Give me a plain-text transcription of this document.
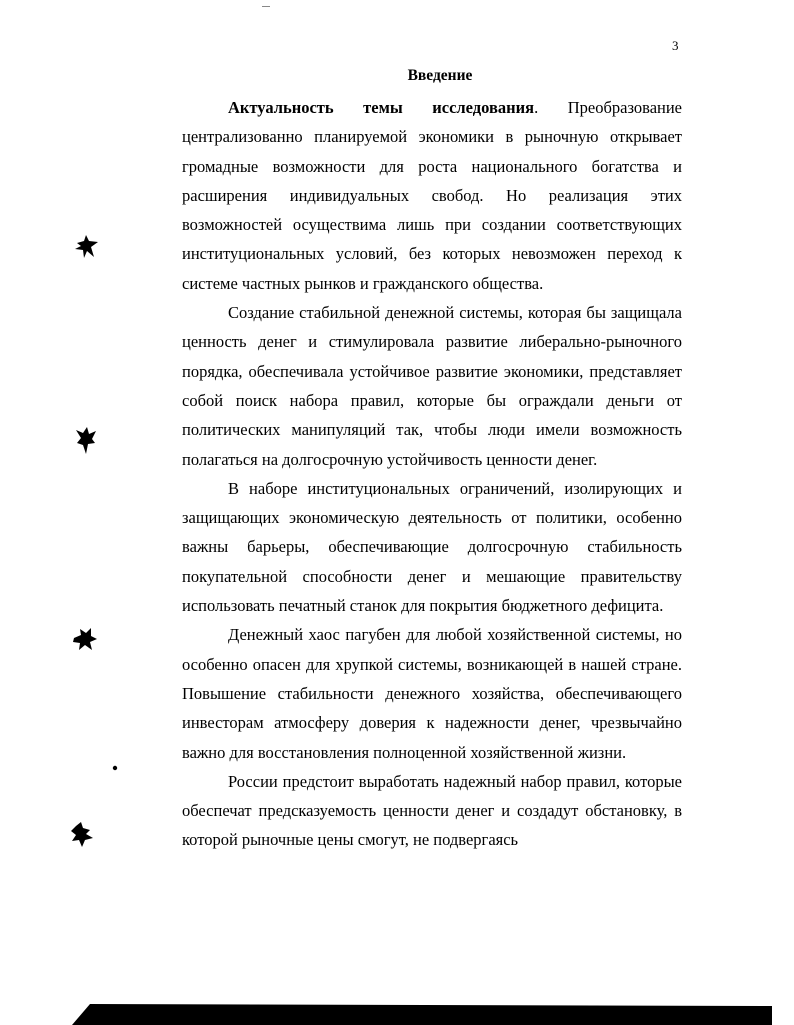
3
Введение

Актуальность темы исследования. Преобразование централизованно планируемой экономики в рыночную открывает громадные возможности для роста национального богатства и расширения индивидуальных свобод. Но реализация этих возможностей осуществима лишь при создании соответствующих институциональных условий, без которых невозможен переход к системе частных рынков и гражданского общества.

Создание стабильной денежной системы, которая бы защищала ценность денег и стимулировала развитие либерально-рыночного порядка, обеспечивала устойчивое развитие экономики, представляет собой поиск набора правил, которые бы ограждали деньги от политических манипуляций так, чтобы люди имели возможность полагаться на долгосрочную устойчивость ценности денег.

В наборе институциональных ограничений, изолирующих и защищающих экономическую деятельность от политики, особенно важны барьеры, обеспечивающие долгосрочную стабильность покупательной способности денег и мешающие правительству использовать печатный станок для покрытия бюджетного дефицита.

Денежный хаос пагубен для любой хозяйственной системы, но особенно опасен для хрупкой системы, возникающей в нашей стране. Повышение стабильности денежного хозяйства, обеспечивающего инвесторам атмосферу доверия к надежности денег, чрезвычайно важно для восстановления полноценной хозяйственной жизни.

России предстоит выработать надежный набор правил, которые обеспечат предсказуемость ценности денег и создадут обстановку, в которой рыночные цены смогут, не подвергаясь
